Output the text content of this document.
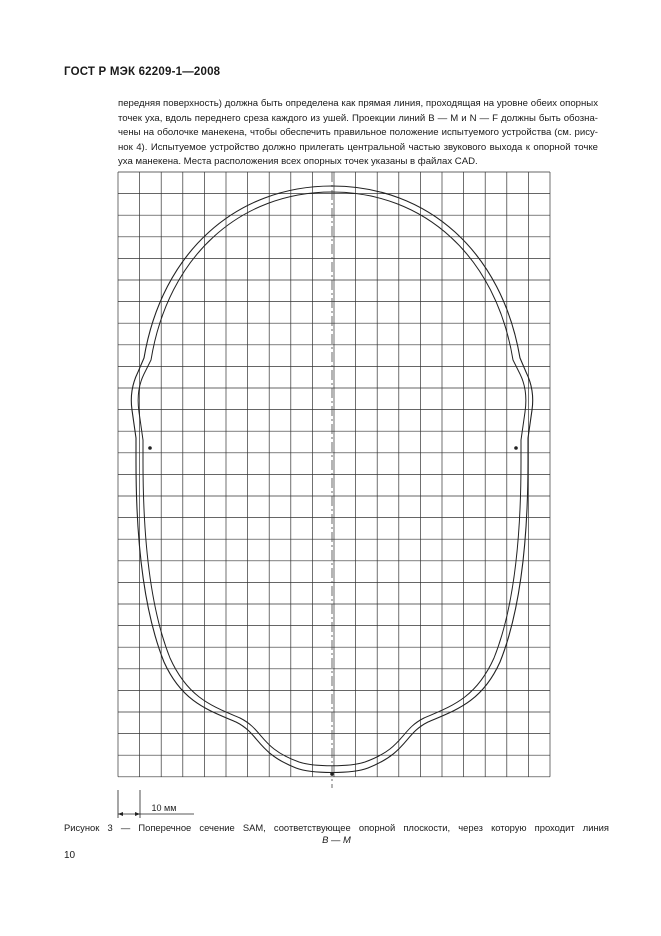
ГОСТ Р МЭК 62209-1—2008
передняя поверхность) должна быть определена как прямая линия, проходящая на уровне обеих опорных
точек уха, вдоль переднего среза каждого из ушей. Проекции линий B — M и N — F должны быть обозна-
чены на оболочке манекена, чтобы обеспечить правильное положение испытуемого устройства (см. рису-
нок 4). Испытуемое устройство должно прилегать центральной частью звукового выхода к опорной точке
уха манекена. Места расположения всех опорных точек указаны в файлах CAD.
10 мм
Рисунок 3 — Поперечное сечение SAM, соответствующее опорной плоскости, через которую проходит линия
B — M
10
